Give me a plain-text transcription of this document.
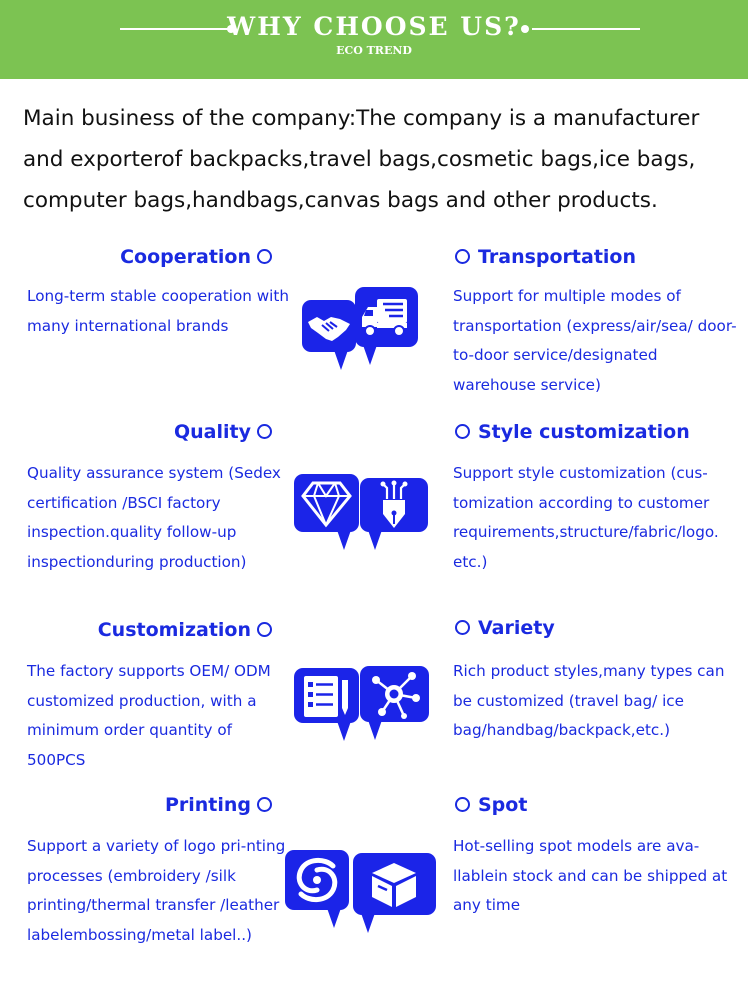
WHY CHOOSE US?
ECO TREND
Main business of the company:The company is a manufacturer and exporterof backpacks,travel bags,cosmetic bags,ice bags, computer bags,handbags,canvas bags and other products.
Cooperation
Long-term stable cooperation with many international brands
Transportation
Support for multiple modes of transportation (express/air/sea/ door-to-door service/designated warehouse service)
Quality
Quality assurance system (Sedex certification /BSCI factory inspection.quality follow-up inspectionduring production)
Style customization
Support style customization (cus-tomization according to customer requirements,structure/fabric/logo. etc.)
Customization
The factory supports OEM/ ODM customized production, with a minimum order quantity of 500PCS
Variety
Rich product styles,many types can be customized (travel bag/ ice bag/handbag/backpack,etc.)
Printing
Support a variety of logo pri-nting processes (embroidery /silk printing/thermal transfer /leather labelembossing/metal label..)
Spot
Hot-selling spot models are ava-llablein stock and can be shipped at any time
